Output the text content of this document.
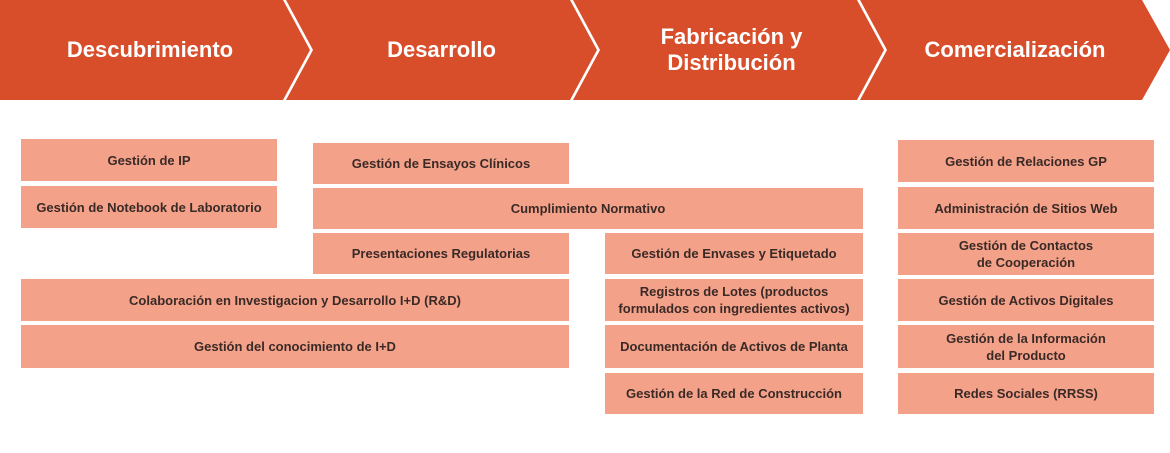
Descubrimiento	Desarrollo
Fabricación y
Distribución
Comercialización
Gestión de IP
Gestión de Notebook de Laboratorio
Colaboración en Investigacion y Desarrollo I+D (R&D)
Gestión del conocimiento de I+D
Gestión de Ensayos Clínicos
Cumplimiento Normativo
Presentaciones Regulatorias	Gestión de Envases y Etiquetado
Registros de Lotes (productos
formulados con ingredientes activos)
Documentación de Activos de Planta
Gestión de la Red de Construcción
Gestión de Relaciones GP
Administración de Sitios Web
Gestión de Contactos
de Cooperación
Gestión de Activos Digitales
Gestión de la Información
del Producto
Redes Sociales (RRSS)
